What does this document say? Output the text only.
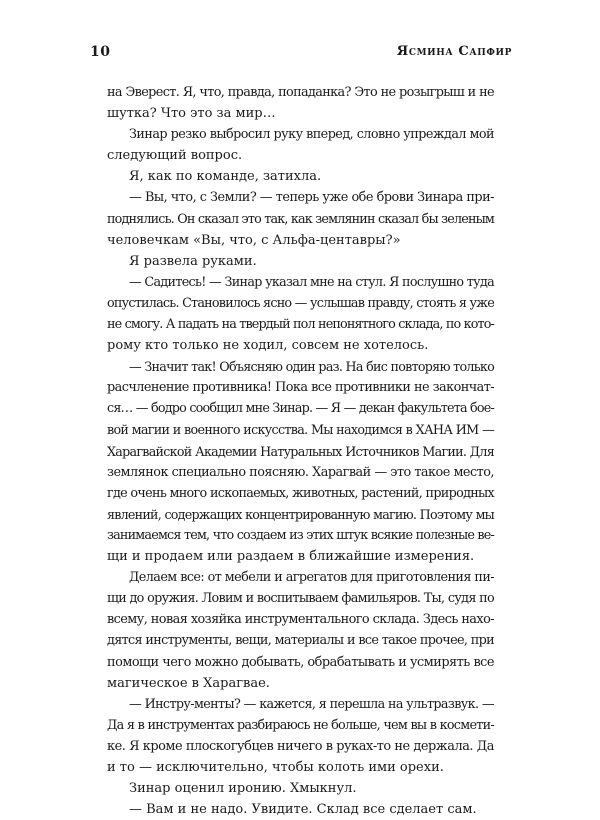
10	Ясмина Сапфир
на Эверест. Я, что, правда, попаданка? Это не розыгрыш и не
шутка? Что это за мир…
Зинар резко выбросил руку вперед, словно упреждал мой
следующий вопрос.
Я, как по команде, затихла.
— Вы, что, с Земли? — теперь уже обе брови Зинара при-
поднялись. Он сказал это так, как землянин сказал бы зеленым
человечкам «Вы, что, с Альфа-центавры?»
Я развела руками.
— Садитесь! — Зинар указал мне на стул. Я послушно туда
опустилась. Становилось ясно — услышав правду, стоять я уже
не смогу. А падать на твердый пол непонятного склада, по кото-
рому кто только не ходил, совсем не хотелось.
— Значит так! Объясняю один раз. На бис повторяю только
расчленение противника! Пока все противники не закончат-
ся… — бодро сообщил мне Зинар. — Я — декан факультета бое-
вой магии и военного искусства. Мы находимся в ХАНА ИМ —
Харагвайской Академии Натуральных Источников Магии. Для
землянок специально поясняю. Харагвай — это такое место,
где очень много ископаемых, животных, растений, природных
явлений, содержащих концентрированную магию. Поэтому мы
занимаемся тем, что создаем из этих штук всякие полезные ве-
щи и продаем или раздаем в ближайшие измерения.
Делаем все: от мебели и агрегатов для приготовления пи-
щи до оружия. Ловим и воспитываем фамильяров. Ты, судя по
всему, новая хозяйка инструментального склада. Здесь нахо-
дятся инструменты, вещи, материалы и все такое прочее, при
помощи чего можно добывать, обрабатывать и усмирять все
магическое в Харагвае.
— Инстру-менты? — кажется, я перешла на ультразвук. —
Да я в инструментах разбираюсь не больше, чем вы в космети-
ке. Я кроме плоскогубцев ничего в руках-то не держала. Да
и то — исключительно, чтобы колоть ими орехи.
Зинар оценил иронию. Хмыкнул.
— Вам и не надо. Увидите. Склад все сделает сам.
